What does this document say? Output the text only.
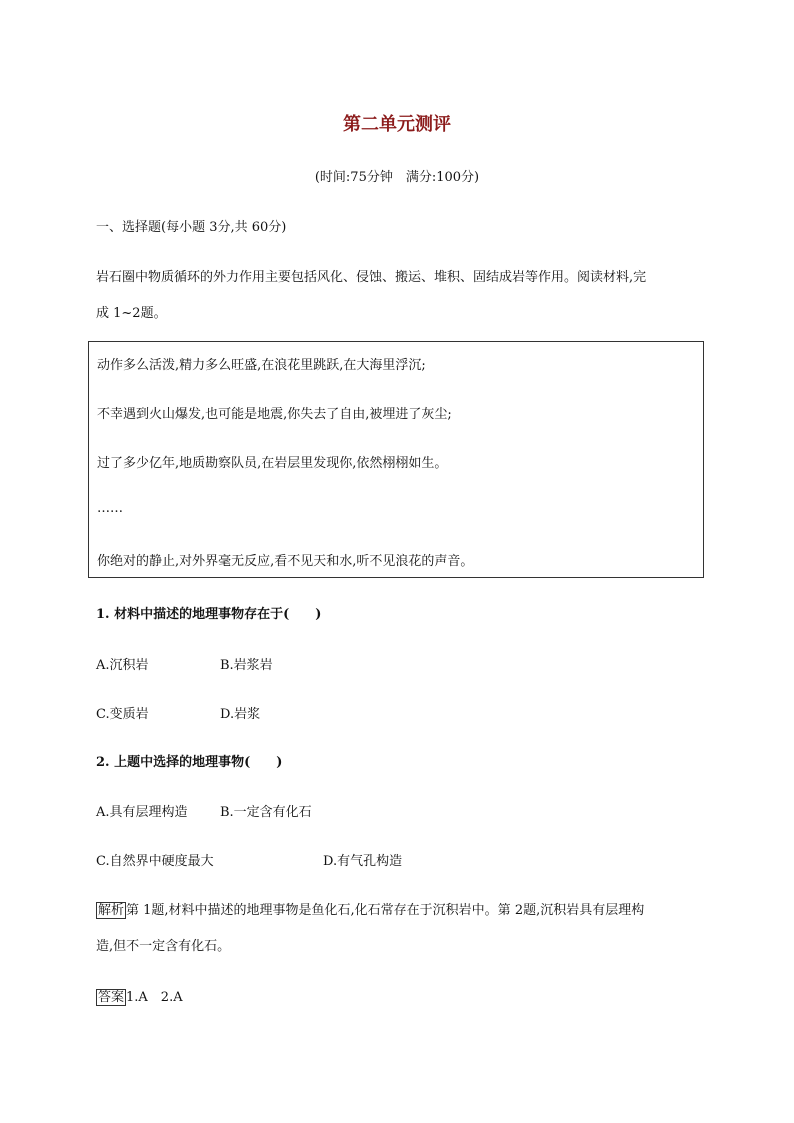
第二单元测评
(时间:75分钟　满分:100分)
一、选择题(每小题 3分,共 60分)
岩石圈中物质循环的外力作用主要包括风化、侵蚀、搬运、堆积、固结成岩等作用。阅读材料,完
成 1~2题。
动作多么活泼,精力多么旺盛,在浪花里跳跃,在大海里浮沉;
不幸遇到火山爆发,也可能是地震,你失去了自由,被埋进了灰尘;
过了多少亿年,地质勘察队员,在岩层里发现你,依然栩栩如生。
……
你绝对的静止,对外界毫无反应,看不见天和水,听不见浪花的声音。
1. 材料中描述的地理事物存在于(　　)
A.沉积岩	B.岩浆岩
C.变质岩	D.岩浆
2. 上题中选择的地理事物(　　)
A.具有层理构造 B.一定含有化石
C.自然界中硬度最大	D.有气孔构造
解析 第 1题,材料中描述的地理事物是鱼化石,化石常存在于沉积岩中。第 2题,沉积岩具有层理构
造,但不一定含有化石。
答案 1.A　2.A
